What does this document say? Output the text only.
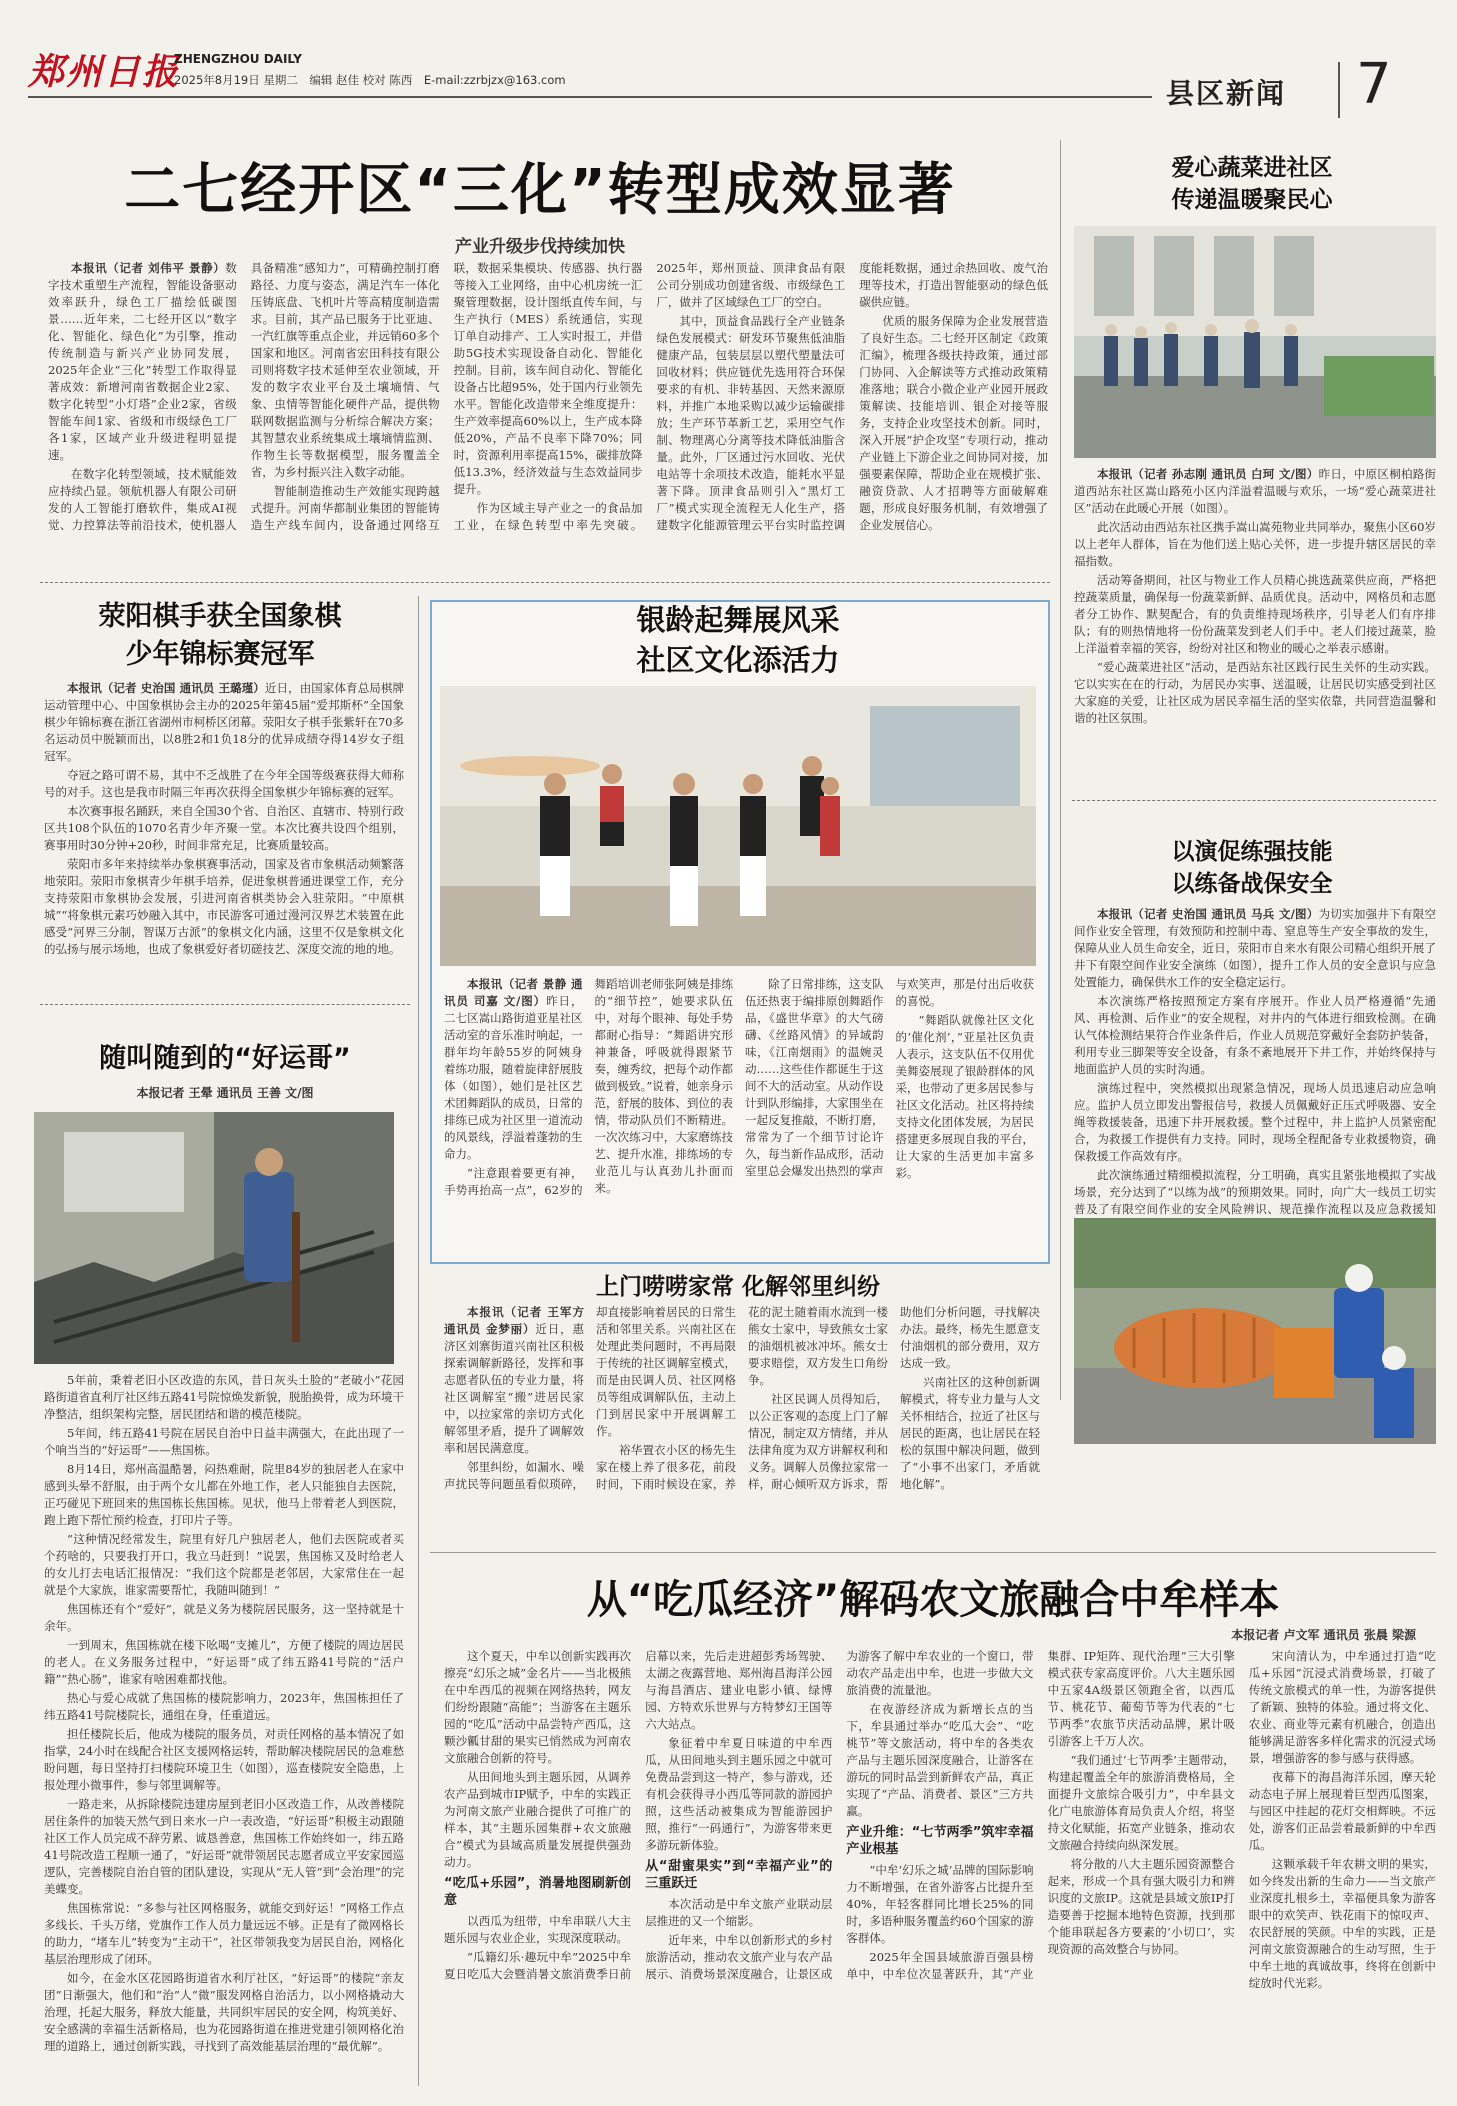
郑州日报
ZHENGZHOU DAILY
2025年8月19日 星期二　编辑 赵佳 校对 陈西　E-mail:zzrbjzx@163.com	县区新闻 7
二七经开区“三化”转型成效显著
产业升级步伐持续加快

本报讯（记者 刘伟平 景静）数字技术重塑生产流程，智能设备驱动效率跃升，绿色工厂描绘低碳图景……近年来，二七经开区以“数字化、智能化、绿色化”为引擎，推动传统制造与新兴产业协同发展，2025年企业“三化”转型工作取得显著成效：新增河南省数据企业2家、数字化转型“小灯塔”企业2家，省级智能车间1家、省级和市级绿色工厂各1家，区域产业升级进程明显提速。

在数字化转型领域，技术赋能效应持续凸显。领航机器人有限公司研发的人工智能打磨软件，集成AI视觉、力控算法等前沿技术，使机器人具备精准“感知力”，可精确控制打磨路径、力度与姿态，满足汽车一体化压铸底盘、飞机叶片等高精度制造需求。目前，其产品已服务于比亚迪、一汽红旗等重点企业，并远销60多个国家和地区。河南省宏田科技有限公司则将数字技术延伸至农业领域，开发的数字农业平台及土壤墒情、气象、虫情等智能化硬件产品，提供物联网数据监测与分析综合解决方案；其智慧农业系统集成土壤墒情监测、作物生长等数据模型，服务覆盖全省，为乡村振兴注入数字动能。

智能制造推动生产效能实现跨越式提升。河南华都制业集团的智能铸造生产线车间内，设备通过网络互联，数据采集模块、传感器、执行器等接入工业网络，由中心机房统一汇聚管理数据，设计图纸直传车间，与生产执行（MES）系统通信，实现订单自动排产、工人实时报工，并借助5G技术实现设备自动化、智能化控制。目前，该车间自动化、智能化设备占比超95%，处于国内行业领先水平。智能化改造带来全维度提升：生产效率提高60%以上，生产成本降低20%，产品不良率下降70%；同时，资源利用率提高15%，碳排放降低13.3%，经济效益与生态效益同步提升。

作为区域主导产业之一的食品加工业，在绿色转型中率先突破。2025年，郑州顶益、顶津食品有限公司分别成功创建省级、市级绿色工厂，做并了区域绿色工厂的空白。

其中，顶益食品践行全产业链条绿色发展模式：研发环节聚焦低油脂健康产品，包装层层以塑代塑量法可回收材料；供应链优先选用符合环保要求的有机、非转基因、天然来源原料，并推广本地采购以减少运输碳排放；生产环节革新工艺，采用空气作制、物理离心分离等技术降低油脂含量。此外，厂区通过污水回收、光伏电站等十余项技术改造，能耗水平显著下降。顶津食品则引入“黑灯工厂”模式实现全流程无人化生产，搭建数字化能源管理云平台实时监控调度能耗数据，通过余热回收、废气治理等技术，打造出智能驱动的绿色低碳供应链。

优质的服务保障为企业发展营造了良好生态。二七经开区制定《政策汇编》，梳理各级扶持政策，通过部门协同、入企解读等方式推动政策精准落地；联合小微企业产业园开展政策解读、技能培训、银企对接等服务，支持企业攻坚技术创新。同时，深入开展“护企攻坚”专项行动，推动产业链上下游企业之间协同对接，加强要素保障，帮助企业在规模扩张、融资贷款、人才招聘等方面破解难题，形成良好服务机制，有效增强了企业发展信心。

荥阳棋手获全国象棋
少年锦标赛冠军

本报讯（记者 史治国 通讯员 王璐瑾）近日，由国家体育总局棋牌运动管理中心、中国象棋协会主办的2025年第45届“爱邦斯杯”全国象棋少年锦标赛在浙江省湖州市柯桥区闭幕。荥阳女子棋手张紫轩在70多名运动员中脱颖而出，以8胜2和1负18分的优异成绩夺得14岁女子组冠军。

夺冠之路可谓不易，其中不乏战胜了在今年全国等级赛获得大师称号的对手。这也是我市时隔三年再次获得全国象棋少年锦标赛的冠军。

本次赛事报名踊跃，来自全国30个省、自治区、直辖市、特别行政区共108个队伍的1070名青少年齐聚一堂。本次比赛共设四个组别，赛事用时30分钟+20秒，时间非常充足，比赛质量较高。

荥阳市多年来持续举办象棋赛事活动，国家及省市象棋活动频繁落地荥阳。荥阳市象棋青少年棋手培养，促进象棋普通进课堂工作，充分支持荥阳市象棋协会发展，引进河南省棋类协会入驻荥阳。“中原棋城”“将象棋元素巧妙融入其中，市民游客可通过漫河汉界艺术装置在此感受“河界三分制，智谋万古派”的象棋文化内涵，这里不仅是象棋文化的弘扬与展示场地，也成了象棋爱好者切磋技艺、深度交流的地的地。

随叫随到的“好运哥”
本报记者 王晕 通讯员 王善 文/图

5年前，秉着老旧小区改造的东风，昔日灰头土脸的“老破小”花园路街道省直利厅社区纬五路41号院惊焕发新貌，脱胎换骨，成为环境干净整洁，组织架构完整，居民团结和谐的模范楼院。

5年间，纬五路41号院在居民自治中日益丰满强大，在此出现了一个响当当的“好运哥”——焦国栋。

8月14日，郑州高温酷暑，闷热难耐，院里84岁的独居老人在家中感到头晕不舒服，由于两个女儿都在外地工作，老人只能独自去医院，正巧碰见下班回来的焦国栋长焦国栋。见状，他马上带着老人到医院，跑上跑下帮忙预约检查，打印片子等。

“这种情况经常发生，院里有好几户独居老人，他们去医院或者买个药啥的，只要我打开口，我立马赶到！”说罢，焦国栋又及时给老人的女儿打去电话汇报情况：“我们这个院都是老邻居，大家常住在一起就是个大家族，谁家需要帮忙，我随叫随到！”

焦国栋还有个“爱好”，就是义务为楼院居民服务，这一坚持就是十余年。

一到周末，焦国栋就在楼下吆喝“支摊儿”，方便了楼院的周边居民的老人。在义务服务过程中，“好运哥”成了纬五路41号院的“活户籍”“热心肠”，谁家有啥困难都找他。

热心与爱心成就了焦国栋的楼院影响力，2023年，焦国栋担任了纬五路41号院楼院长，通组在身，任重道远。

担任楼院长后，他成为楼院的服务员，对贡任网格的基本情况了如指掌，24小时在线配合社区支援网格运转，帮助解决楼院居民的急难愁盼问题，每日坚持打扫楼院环境卫生（如图），巡查楼院安全隐患，上报处理小微事件，参与邻里调解等。

一路走来，从拆除楼院违建房屋到老旧小区改造工作，从改善楼院居住条件的加装天然气到日来水一户一表改造，“好运哥”积极主动跟随社区工作人员完成不辞劳累、诚恳善意，焦国栋工作始终如一，纬五路41号院改造工程顺一通了，“好运哥”就带领居民志愿者成立平安家园巡逻队，完善楼院自治自管的团队建设，实现从“无人管”到“会治理”的完美蝶变。

焦国栋常说：“多参与社区网格服务，就能交到好运！”网格工作点多线长、千头万绪，党旗作工作人员力量远远不够。正是有了微网格长的助力，“堵车儿”转变为“主动干”，社区带领我变为居民自治，网格化基层治理形成了闭环。

如今，在金水区花园路街道省水利厅社区，“好运哥”的楼院“亲友团”日渐强大，他们和“治”人“微”服发网格自治活力，以小网格撬动大治理，托起大服务，释放大能量，共同织牢居民的安全网，构筑美好、安全感满的幸福生活新格局，也为花园路街道在推进党建引领网格化治理的道路上，通过创新实践，寻找到了高效能基层治理的“最优解”。

银龄起舞展风采
社区文化添活力

本报讯（记者 景静 通讯员 司嘉 文/图）昨日，二七区嵩山路街道亚星社区活动室的音乐准时响起，一群年均年龄55岁的阿姨身着练功服，随着旋律舒展肢体（如图），她们是社区艺术团舞蹈队的成员，日常的排练已成为社区里一道流动的风景线，浮溢着蓬勃的生命力。

“注意跟着要更有神，手势再抬高一点”，62岁的舞蹈培训老师张阿姨是排练的“细节控”，她要求队伍中，对每个眼神、每处手势都耐心指导：“舞蹈讲究形神兼备，呼吸就得跟紧节奏，缠秀纹，把每个动作都做到极致。”说着，她亲身示范，舒展的肢体、到位的表情，带动队员们不断精进。一次次练习中，大家磨练技艺、提升水准，排练场的专业范儿与认真劲儿扑面而来。

除了日常排练，这支队伍还热衷于编排原创舞蹈作品，《盛世华章》的大气磅礴、《丝路风情》的异域韵味，《江南烟雨》的温婉灵动……这些佳作都诞生于这间不大的活动室。从动作设计到队形编排，大家围坐在一起反复推敲，不断打磨，常常为了一个细节讨论许久，每当新作品成形，活动室里总会爆发出热烈的掌声与欢笑声，那是付出后收获的喜悦。

“舞蹈队就像社区文化的‘催化剂’，”亚星社区负责人表示，这支队伍不仅用优美舞姿展现了银龄群体的风采，也带动了更多居民参与社区文化活动。社区将持续支持文化团体发展，为居民搭建更多展现自我的平台，让大家的生活更加丰富多彩。

上门唠唠家常 化解邻里纠纷

本报讯（记者 王军方 通讯员 金梦丽）近日，惠济区刘寨街道兴南社区积极探索调解新路径，发挥和事志愿者队伍的专业力量，将社区调解室“搬”进居民家中，以拉家常的亲切方式化解邻里矛盾，提升了调解效率和居民满意度。

邻里纠纷，如漏水、噪声扰民等问题虽看似琐碎，却直接影响着居民的日常生活和邻里关系。兴南社区在处理此类问题时，不再局限于传统的社区调解室模式，而是由民调人员、社区网格员等组成调解队伍，主动上门到居民家中开展调解工作。

裕华置衣小区的杨先生家在楼上养了很多花，前段时间，下雨时候设在家，养花的泥土随着雨水流到一楼熊女士家中，导致熊女士家的油烟机被冰冲坏。熊女士要求赔偿，双方发生口角纷争。

社区民调人员得知后，以公正客观的态度上门了解情况，制定双方情绪，并从法律角度为双方讲解权利和义务。调解人员像拉家常一样，耐心倾听双方诉求，帮助他们分析问题，寻找解决办法。最终，杨先生愿意支付油烟机的部分费用，双方达成一致。

兴南社区的这种创新调解模式，将专业力量与人文关怀相结合，拉近了社区与居民的距离，也让居民在轻松的氛围中解决问题，做到了“小事不出家门，矛盾就地化解”。

爱心蔬菜进社区
传递温暖聚民心

本报讯（记者 孙志刚 通讯员 白珂 文/图）昨日，中原区桐柏路街道西站东社区嵩山路苑小区内洋溢着温暖与欢乐，一场“爱心蔬菜进社区”活动在此暖心开展（如图）。

此次活动由西站东社区携手嵩山嵩苑物业共同举办，聚焦小区60岁以上老年人群体，旨在为他们送上贴心关怀，进一步提升辖区居民的幸福指数。

活动筹备期间，社区与物业工作人员精心挑选蔬菜供应商，严格把控蔬菜质量，确保每一份蔬菜新鲜、品质优良。活动中，网格员和志愿者分工协作、默契配合，有的负责维持现场秩序，引导老人们有序排队；有的则热情地将一份份蔬菜发到老人们手中。老人们接过蔬菜，脸上洋溢着幸福的笑容，纷纷对社区和物业的暖心之举表示感谢。

“爱心蔬菜进社区”活动，是西站东社区践行民生关怀的生动实践。它以实实在在的行动，为居民办实事、送温暖，让居民切实感受到社区大家庭的关爱，让社区成为居民幸福生活的坚实依靠，共同营造温馨和谐的社区氛围。

以演促练强技能
以练备战保安全

本报讯（记者 史治国 通讯员 马兵 文/图）为切实加强井下有限空间作业安全管理，有效预防和控制中毒、窒息等生产安全事故的发生，保障从业人员生命安全，近日，荥阳市自来水有限公司精心组织开展了井下有限空间作业安全演练（如图），提升工作人员的安全意识与应急处置能力，确保供水工作的安全稳定运行。

本次演练严格按照预定方案有序展开。作业人员严格遵循“先通风、再检测、后作业”的安全规程，对井内的气体进行细致检测。在确认气体检测结果符合作业条件后，作业人员规范穿戴好全套防护装备，利用专业三脚架等安全设备，有条不紊地展开下井工作，并始终保持与地面监护人员的实时沟通。

演练过程中，突然模拟出现紧急情况，现场人员迅速启动应急响应。监护人员立即发出警报信号，救援人员佩戴好正压式呼吸器、安全绳等救援装备，迅速下井开展救援。整个过程中，井上监护人员紧密配合，为救援工作提供有力支持。同时，现场全程配备专业救援物资，确保救援工作高效有序。

此次演练通过精细模拟流程，分工明确，真实且紧张地模拟了实战场景，充分达到了“以练为战”的预期效果。同时，向广大一线员工切实普及了有限空间作业的安全风险辨识、规范操作流程以及应急救援知

从“吃瓜经济”解码农文旅融合中牟样本
本报记者 卢文军 通讯员 张晨 梁源

这个夏天，中牟以创新实践再次擦亮“幻乐之城”金名片——当北极熊在中牟西瓜的视频在网络热转，网友们纷纷跟随“高能”；当游客在主题乐园的“吃瓜”活动中品尝特产西瓜，这颗沙瓤甘甜的果实已悄然成为河南农文旅融合创新的符号。

从田间地头到主题乐园，从调养农产品到城市IP赋予，中牟的实践正为河南文旅产业融合提供了可推广的样本，其“主题乐园集群+农文旅融合”模式为县域高质量发展提供强劲动力。

“吃瓜+乐园”，消暑地图刷新创意

以西瓜为纽带，中牟串联八大主题乐园与农业企业，实现深度联动。

“瓜籍幻乐·趣玩中牟”2025中牟夏日吃瓜大会暨消暑文旅消费季日前启幕以来，先后走进超彭秀场驾驶、太湖之夜露营地、郑州海昌海洋公园与海昌酒店、建业电影小镇、绿博园、方特欢乐世界与方特梦幻王国等六大站点。

象征着中牟夏日味道的中牟西瓜，从田间地头到主题乐园之中就可免费品尝到这一特产，参与游戏，还有机会获得寻小西瓜等同款的游园护照，这些活动被集成为智能游园护照，推行“一码通行”，为游客带来更多游玩新体验。

从“甜蜜果实”到“幸福产业”的三重跃迁

本次活动是中牟文旅产业联动层层推进的又一个缩影。

近年来，中牟以创新形式的乡村旅游活动，推动农文旅产业与农产品展示、消费场景深度融合，让景区成为游客了解中牟农业的一个窗口，带动农产品走出中牟，也进一步做大文旅消费的流量池。

在夜游经济成为新增长点的当下，牟县通过举办“吃瓜大会”、“吃桃节”等文旅活动，将中牟的各类农产品与主题乐园深度融合，让游客在游玩的同时品尝到新鲜农产品，真正实现了“产品、消费者、景区”三方共赢。

产业升维：“七节两季”筑牢幸福产业根基

“中牟‘幻乐之城’品牌的国际影响力不断增强，在省外游客占比提升至40%，年轻客群同比增长25%的同时，多语种服务覆盖约60个国家的游客群体。

2025年全国县域旅游百强县榜单中，中牟位次显著跃升，其“产业集群、IP矩阵、现代治理”三大引擎模式获专家高度评价。八大主题乐园中五家4A级景区领跑全省，以西瓜节、桃花节、葡萄节等为代表的“七节两季”农旅节庆活动品牌，累计吸引游客上千万人次。

“我们通过‘七节两季’主题带动，构建起覆盖全年的旅游消费格局，全面提升文旅综合吸引力”，中牟县文化广电旅游体育局负责人介绍，将坚持文化赋能，拓宽产业链条，推动农文旅融合持续向纵深发展。

将分散的八大主题乐园资源整合起来，形成一个具有强大吸引力和辨识度的文旅IP。这就是县域文旅IP打造要善于挖掘本地特色资源，找到那个能串联起各方要素的‘小切口’，实现资源的高效整合与协同。

宋向清认为，中牟通过打造“吃瓜+乐园”沉浸式消费场景，打破了传统文旅模式的单一性，为游客提供了新颖、独特的体验。通过将文化、农业、商业等元素有机融合，创造出能够满足游客多样化需求的沉浸式场景，增强游客的参与感与获得感。

夜幕下的海昌海洋乐园，摩天轮动态电子屏上展现着巨型西瓜图案，与园区中挂起的花灯交相辉映。不远处，游客们正品尝着最新鲜的中牟西瓜。

这颗承载千年农耕文明的果实，如今终发出新的生命力——当文旅产业深度扎根乡土，幸福便具象为游客眼中的欢笑声、铁花雨下的惊叹声、农民舒展的笑颜。中牟的实践，正是河南文旅资源融合的生动写照，生于中牟土地的真诚故事，终将在创新中绽放时代光彩。
